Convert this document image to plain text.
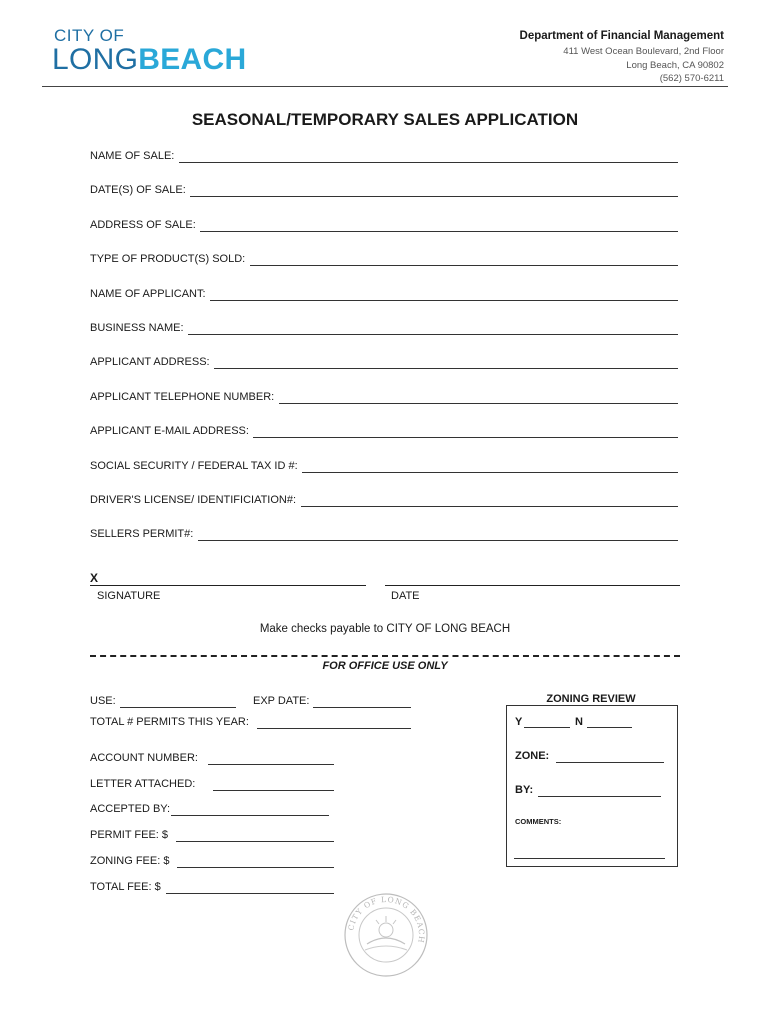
CITY OF
LONGBEACH
Department of Financial Management
411 West Ocean Boulevard, 2nd Floor
Long Beach, CA 90802
(562) 570-6211
SEASONAL/TEMPORARY SALES APPLICATION
NAME OF SALE:
DATE(S) OF SALE:
ADDRESS OF SALE:
TYPE OF PRODUCT(S) SOLD:
NAME OF APPLICANT:
BUSINESS NAME:
APPLICANT ADDRESS:
APPLICANT TELEPHONE NUMBER:
APPLICANT E-MAIL ADDRESS:
SOCIAL SECURITY / FEDERAL TAX ID #:
DRIVER'S LICENSE/ IDENTIFICIATION#:
SELLERS PERMIT#:
X
SIGNATURE	DATE
Make checks payable to CITY OF LONG BEACH
FOR OFFICE USE ONLY
USE:	EXP DATE:
TOTAL # PERMITS THIS YEAR:
ACCOUNT NUMBER:
LETTER ATTACHED:
ACCEPTED BY:
PERMIT FEE: $
ZONING FEE: $
TOTAL FEE: $
ZONING REVIEW
Y	N
ZONE:
BY:
COMMENTS:
CITY OF LONG BEACH
